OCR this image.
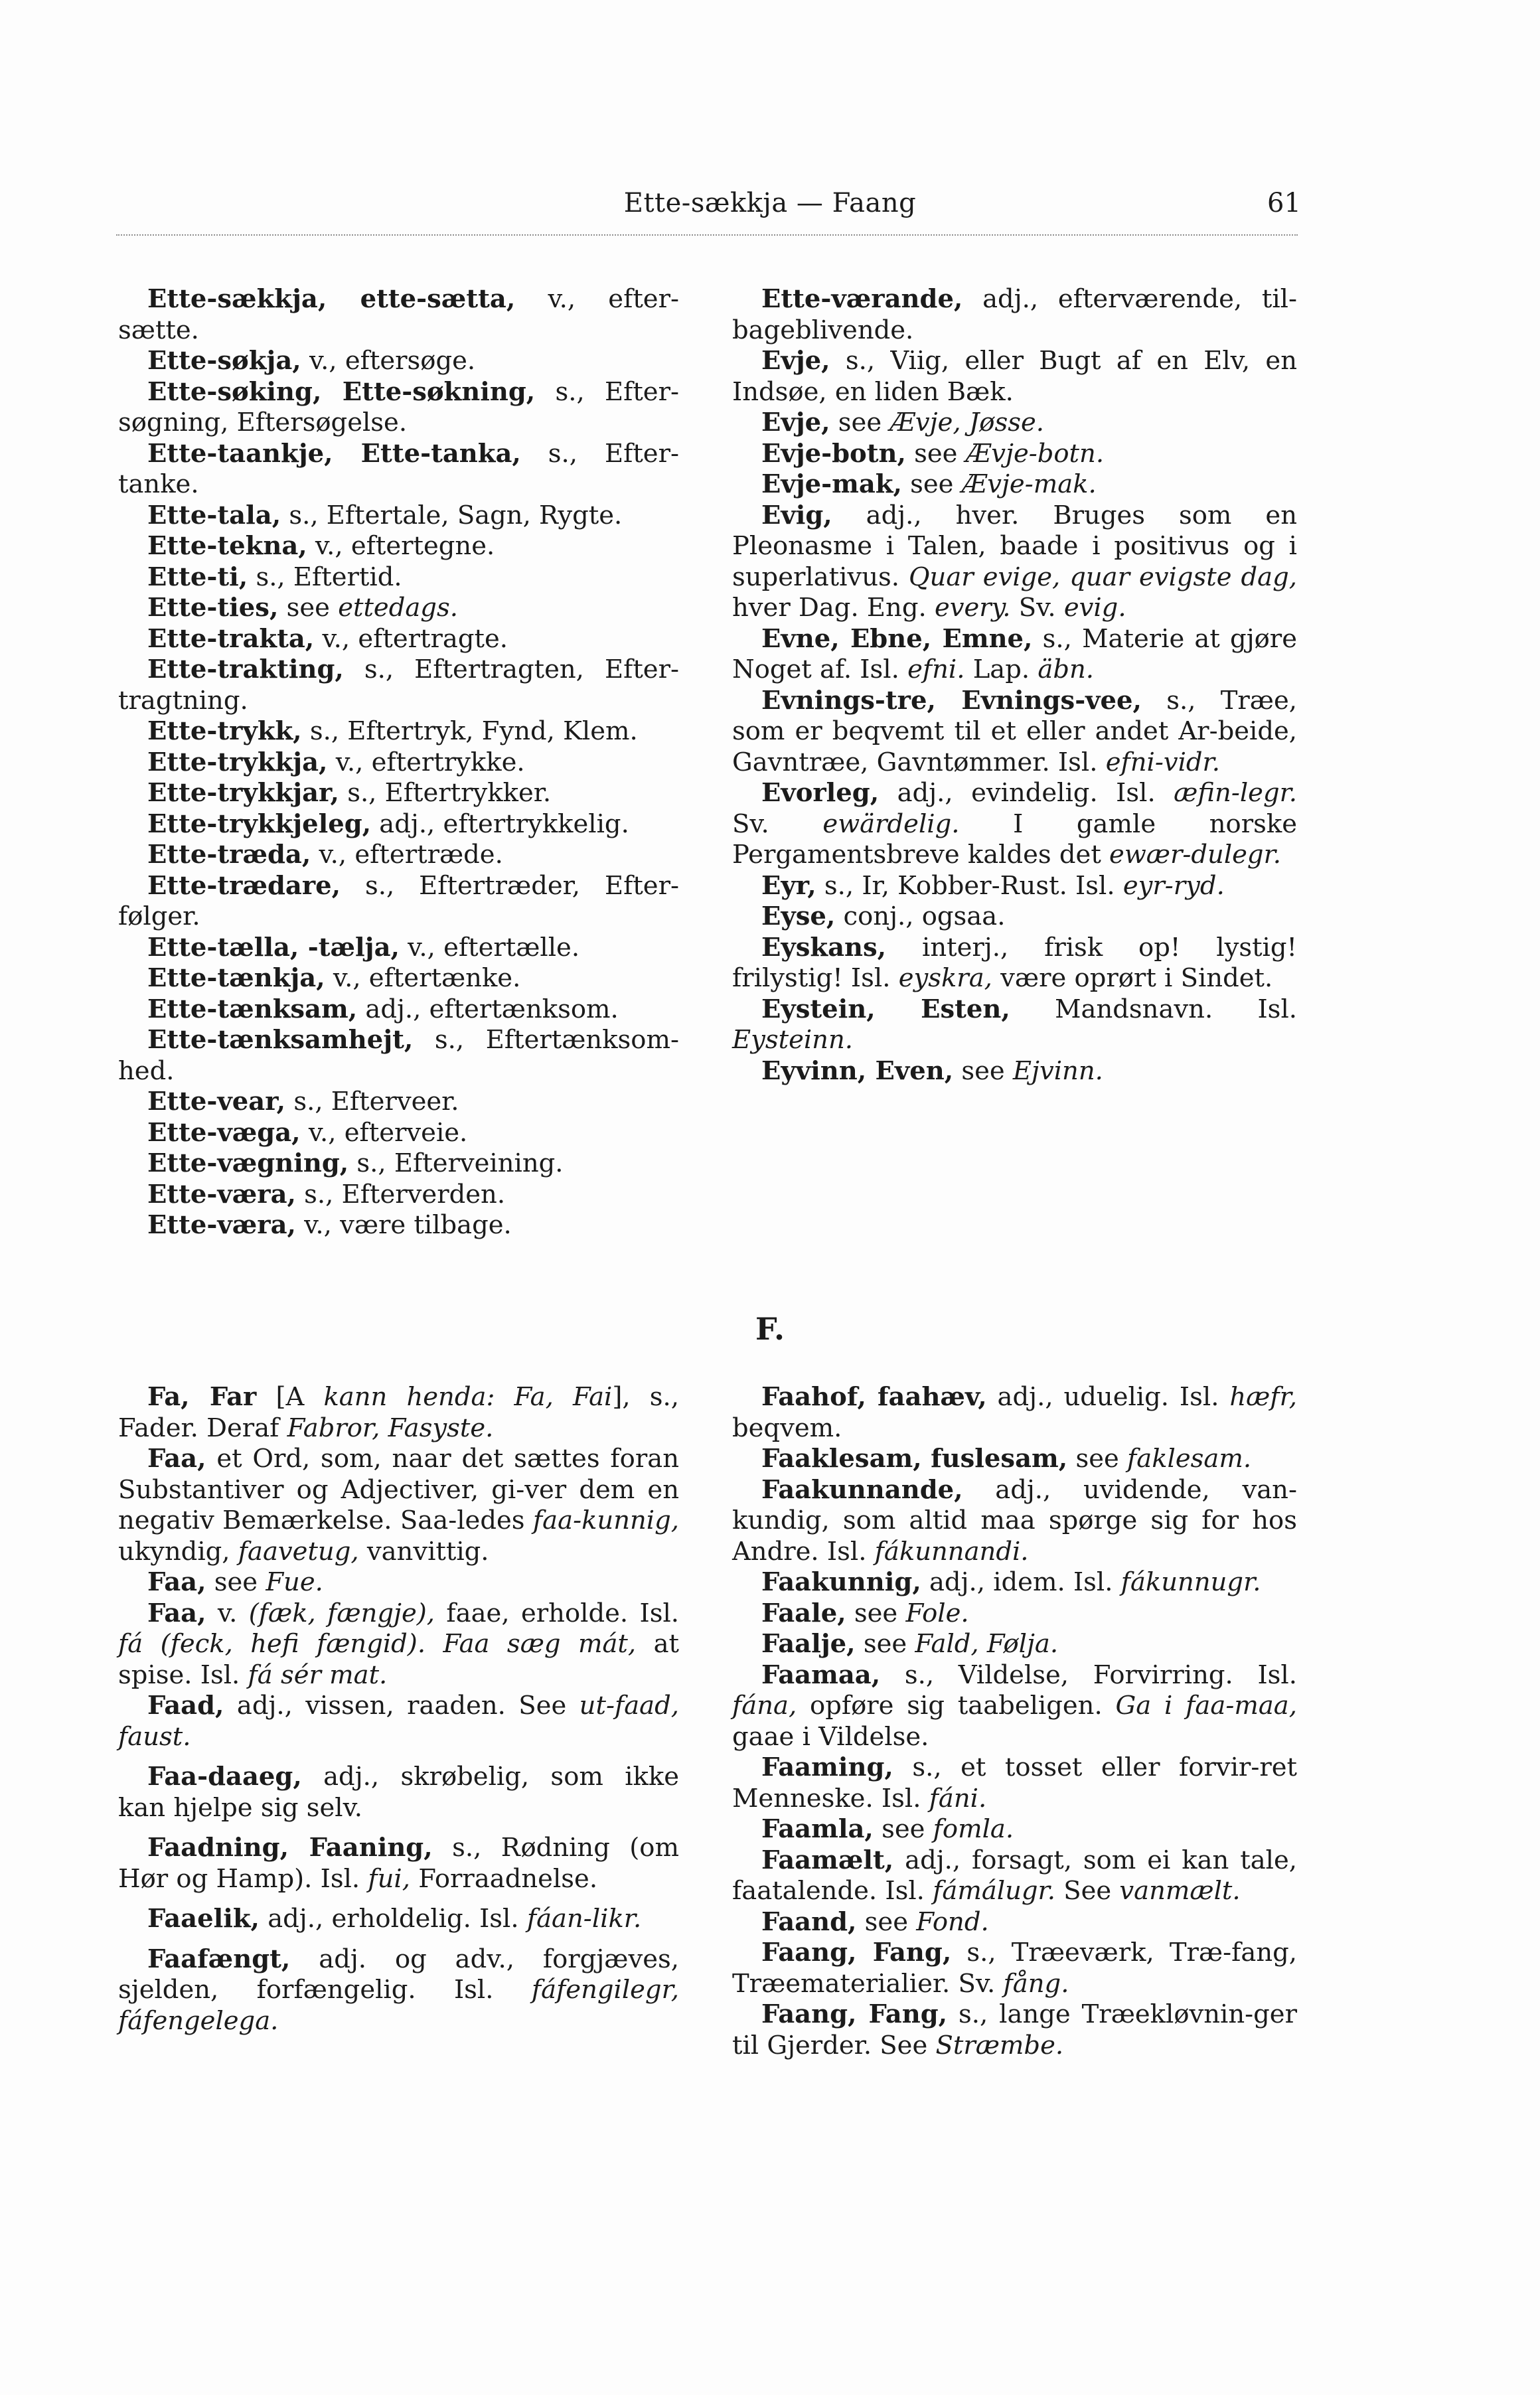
Ette-sækkja — Faang	61

Ette-sækkja, ette-sætta, v., efter-sætte.

Ette-søkja, v., eftersøge.

Ette-søking, Ette-søkning, s., Efter-søgning, Eftersøgelse.

Ette-taankje, Ette-tanka, s., Efter-tanke.

Ette-tala, s., Eftertale, Sagn, Rygte.

Ette-tekna, v., eftertegne.

Ette-ti, s., Eftertid.

Ette-ties, see ettedags.

Ette-trakta, v., eftertragte.

Ette-trakting, s., Eftertragten, Efter-tragtning.

Ette-trykk, s., Eftertryk, Fynd, Klem.

Ette-trykkja, v., eftertrykke.

Ette-trykkjar, s., Eftertrykker.

Ette-trykkjeleg, adj., eftertrykkelig.

Ette-træda, v., eftertræde.

Ette-trædare, s., Eftertræder, Efter-følger.

Ette-tælla, -tælja, v., eftertælle.

Ette-tænkja, v., eftertænke.

Ette-tænksam, adj., eftertænksom.

Ette-tænksamhejt, s., Eftertænksom-hed.

Ette-vear, s., Efterveer.

Ette-væga, v., efterveie.

Ette-vægning, s., Efterveining.

Ette-væra, s., Efterverden.

Ette-væra, v., være tilbage.

Ette-værande, adj., efterværende, til-bageblivende.

Evje, s., Viig, eller Bugt af en Elv, en Indsøe, en liden Bæk.

Evje, see Ævje, Jøsse.

Evje-botn, see Ævje-botn.

Evje-mak, see Ævje-mak.

Evig, adj., hver. Bruges som en Pleonasme i Talen, baade i positivus og i superlativus. Quar evige, quar evigste dag, hver Dag. Eng. every. Sv. evig.

Evne, Ebne, Emne, s., Materie at gjøre Noget af. Isl. efni. Lap. äbn.

Evnings-tre, Evnings-vee, s., Træe, som er beqvemt til et eller andet Ar-beide, Gavntræe, Gavntømmer. Isl. efni-vidr.

Evorleg, adj., evindelig. Isl. æfin-legr. Sv. ewärdelig. I gamle norske Pergamentsbreve kaldes det ewær-dulegr.

Eyr, s., Ir, Kobber-Rust. Isl. eyr-ryd.

Eyse, conj., ogsaa.

Eyskans, interj., frisk op! lystig! frilystig! Isl. eyskra, være oprørt i Sindet.

Eystein, Esten, Mandsnavn. Isl. Eysteinn.

Eyvinn, Even, see Ejvinn.

F.

Fa, Far [A kann henda: Fa, Fai], s., Fader. Deraf Fabror, Fasyste.

Faa, et Ord, som, naar det sættes foran Substantiver og Adjectiver, gi-ver dem en negativ Bemærkelse. Saa-ledes faa-kunnig, ukyndig, faavetug, vanvittig.

Faa, see Fue.

Faa, v. (fæk, fængje), faae, erholde. Isl. fá (feck, hefi fængid). Faa sæg mát, at spise. Isl. fá sér mat.

Faad, adj., vissen, raaden. See ut-faad, faust.

Faa-daaeg, adj., skrøbelig, som ikke kan hjelpe sig selv.

Faadning, Faaning, s., Rødning (om Hør og Hamp). Isl. fui, Forraadnelse.

Faaelik, adj., erholdelig. Isl. fáan-likr.

Faafængt, adj. og adv., forgjæves, sjelden, forfængelig. Isl. fáfengilegr, fáfengelega.

Faahof, faahæv, adj., uduelig. Isl. hæfr, beqvem.

Faaklesam, fuslesam, see faklesam.

Faakunnande, adj., uvidende, van-kundig, som altid maa spørge sig for hos Andre. Isl. fákunnandi.

Faakunnig, adj., idem. Isl. fákunnugr.

Faale, see Fole.

Faalje, see Fald, Følja.

Faamaa, s., Vildelse, Forvirring. Isl. fána, opføre sig taabeligen. Ga i faa-maa, gaae i Vildelse.

Faaming, s., et tosset eller forvir-ret Menneske. Isl. fáni.

Faamla, see fomla.

Faamælt, adj., forsagt, som ei kan tale, faatalende. Isl. fámálugr. See vanmælt.

Faand, see Fond.

Faang, Fang, s., Træeværk, Træ-fang, Træematerialier. Sv. fång.

Faang, Fang, s., lange Træekløvnin-ger til Gjerder. See Stræmbe.
